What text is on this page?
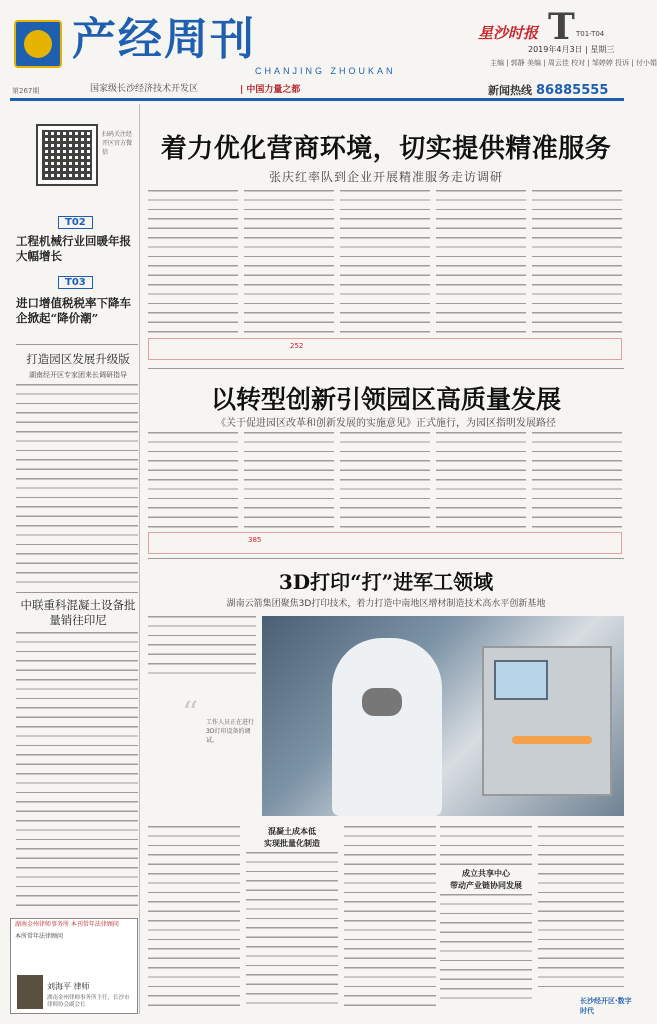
产经周刊
CHANJING ZHOUKAN
国家级长沙经济技术开发区	| 中国力量之都
第267期
星沙时报 T T01-T04
2019年4月3日 | 星期三
主编 | 郭静 美编 | 周云佳 校对 | 邹婷婷 投诉 | 付小娟
新闻热线 86885555
扫码关注经开区官方微信
T02
工程机械行业回暖年报大幅增长
T03
进口增值税税率下降车企掀起“降价潮”
打造园区发展升级版
湖南经开区专家团来长调研指导
中联重科混凝土设备批量销往印尼
湖南金州律师事务所 本刊常年法律顾问
本所常年法律顾问
刘海平 律师
湖南金州律师事务所主任，长沙市律师协会副会长
着力优化营商环境，切实提供精准服务
张庆红率队到企业开展精准服务走访调研
252
以转型创新引领园区高质量发展
《关于促进园区改革和创新发展的实施意见》正式施行，为园区指明发展路径
385
3D打印“打”进军工领域
湖南云箭集团聚焦3D打印技术，着力打造中南地区增材制造技术高水平创新基地
“ 工作人员正在进行3D打印设备的调试。
混凝土成本低
实现批量化制造
成立共享中心
带动产业链协同发展
长沙经开区·数字时代
